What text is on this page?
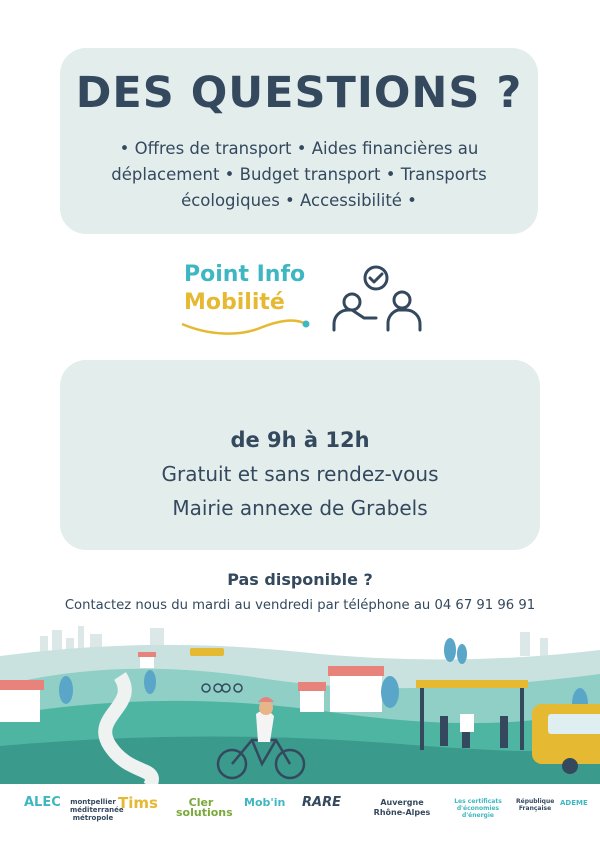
DES QUESTIONS ?
• Offres de transport • Aides financières au
déplacement • Budget transport • Transports
écologiques • Accessibilité •
Point Info
Mobilité
de 9h à 12h
Gratuit et sans rendez-vous
Mairie annexe de Grabels
Pas disponible ?
Contactez nous du mardi au vendredi par téléphone au 04 67 91 96 91
ALEC montpellier méditerranée métropole
Tims	Cler solutions
Mob'in RARE	Auvergne Rhône-Alpes
Les certificats d'économies d'énergie
République Française
ADEME
